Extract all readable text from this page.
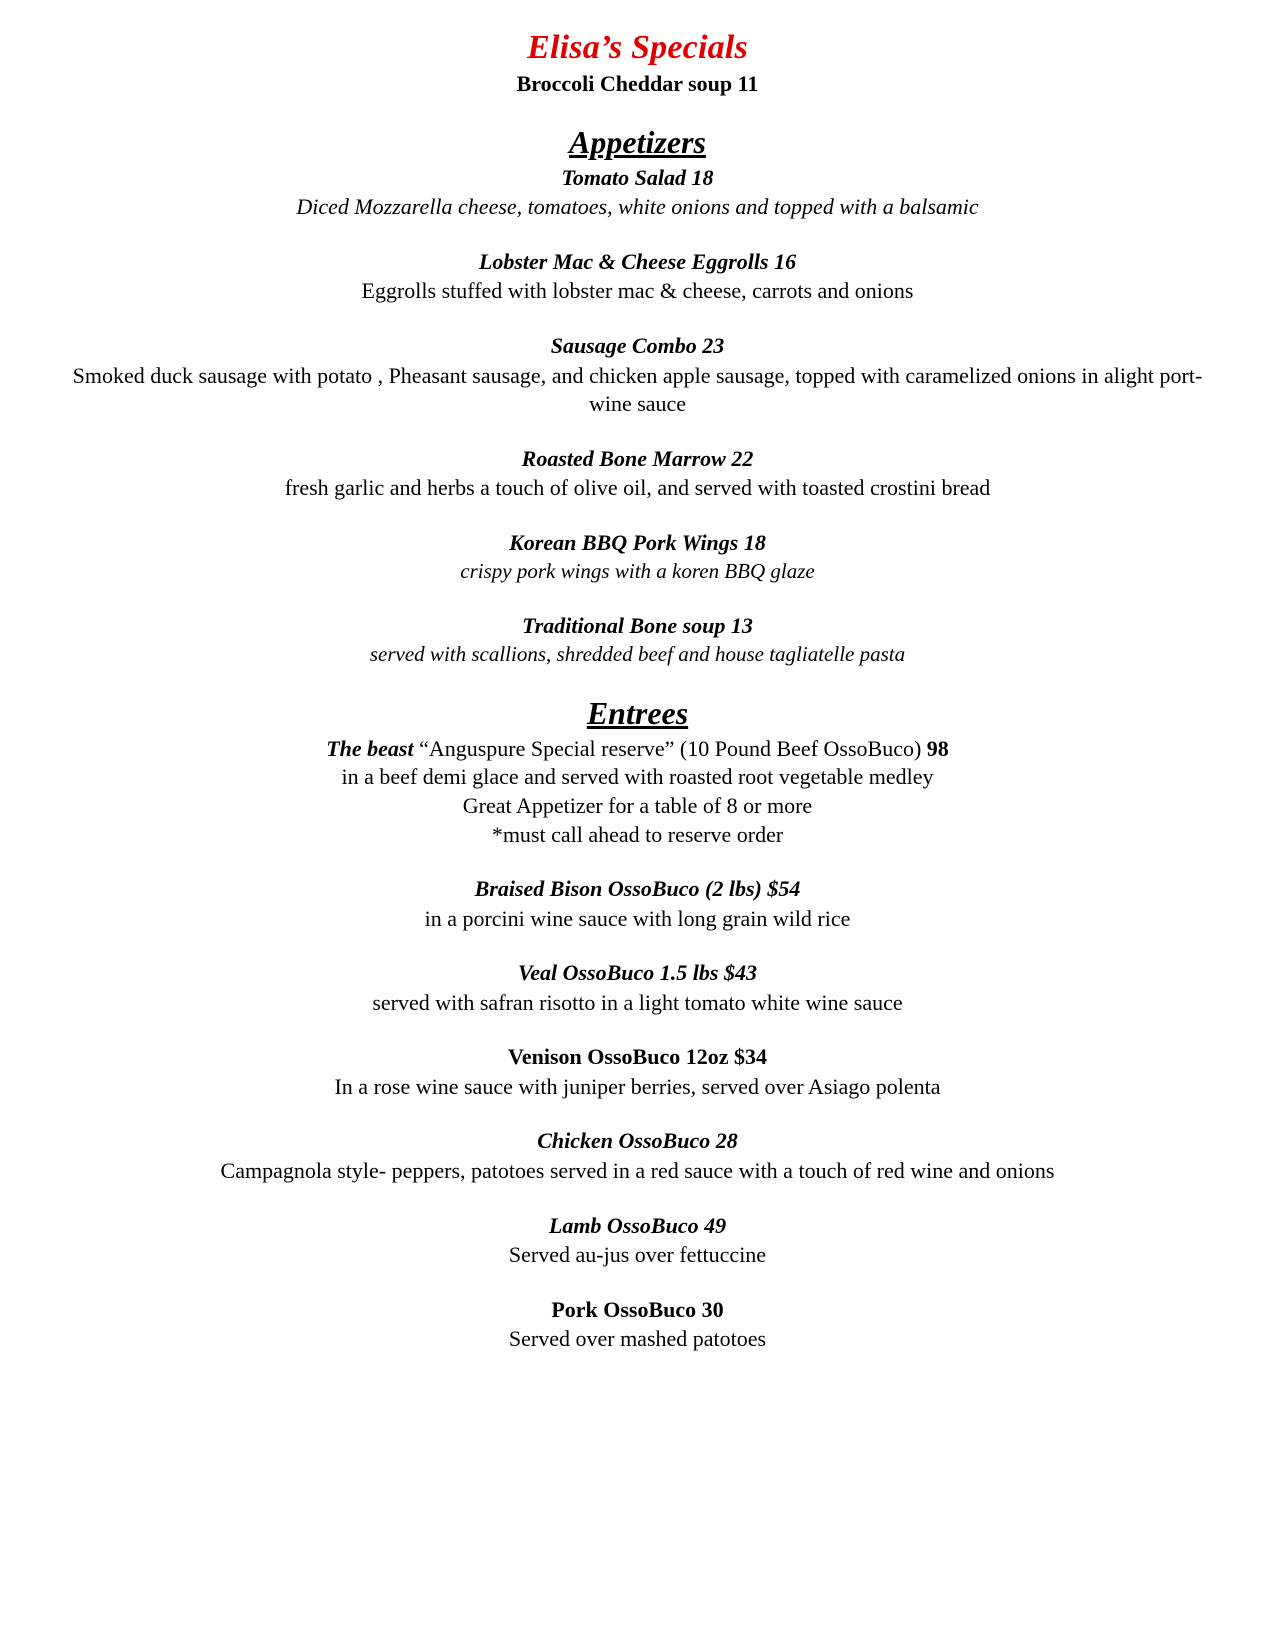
Elisa’s Specials
Broccoli Cheddar soup 11
Appetizers
Tomato Salad 18
Diced Mozzarella cheese, tomatoes, white onions and topped with a balsamic
Lobster Mac & Cheese Eggrolls 16
Eggrolls stuffed with lobster mac & cheese, carrots and onions
Sausage Combo 23
Smoked duck sausage with potato , Pheasant sausage, and chicken apple sausage, topped with caramelized onions in alight port-wine sauce
Roasted Bone Marrow 22
fresh garlic and herbs a touch of olive oil, and served with toasted crostini bread
Korean BBQ Pork Wings 18
crispy pork wings with a koren BBQ glaze
Traditional Bone soup 13
served with scallions, shredded beef and house tagliatelle pasta
Entrees
The beast “Anguspure Special reserve” (10 Pound Beef OssoBuco) 98
in a beef demi glace and served with roasted root vegetable medley
Great Appetizer for a table of 8 or more
*must call ahead to reserve order
Braised Bison OssoBuco (2 lbs) $54
in a porcini wine sauce with long grain wild rice
Veal OssoBuco 1.5 lbs $43
served with safran risotto in a light tomato white wine sauce
Venison OssoBuco 12oz $34
In a rose wine sauce with juniper berries, served over Asiago polenta
Chicken OssoBuco 28
Campagnola style- peppers, patotoes served in a red sauce with a touch of red wine and onions
Lamb OssoBuco 49
Served au-jus over fettuccine
Pork OssoBuco 30
Served over mashed patotoes
